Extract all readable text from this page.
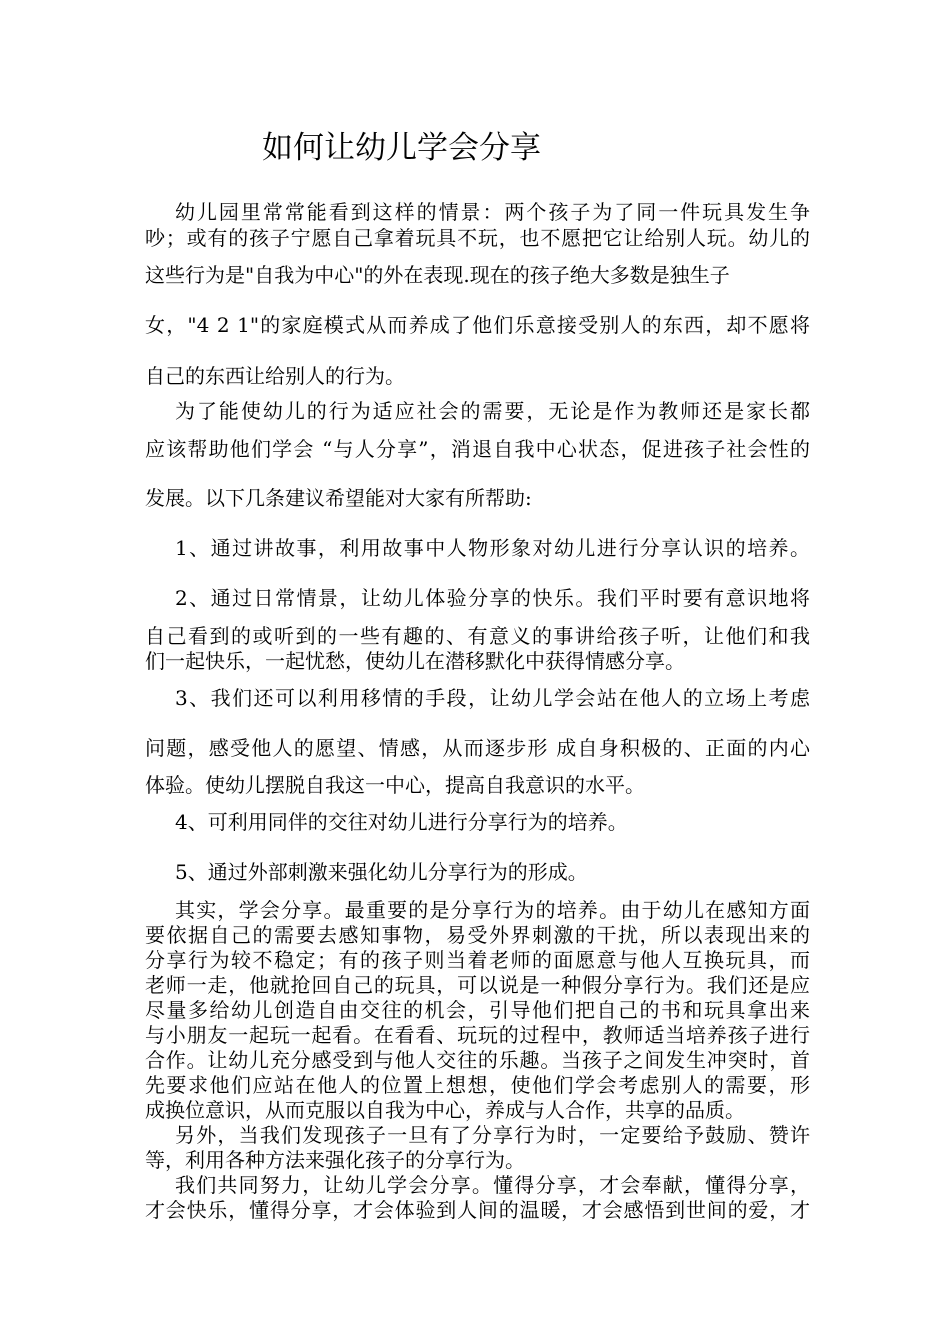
如何让幼儿学会分享
幼儿园里常常能看到这样的情景：两个孩子为了同一件玩具发生争
吵；或有的孩子宁愿自己拿着玩具不玩，也不愿把它让给别人玩。幼儿的
这些行为是"自我为中心"的外在表现.现在的孩子绝大多数是独生子
女，"4 2 1"的家庭模式从而养成了他们乐意接受别人的东西，却不愿将
自己的东西让给别人的行为。
为了能使幼儿的行为适应社会的需要，无论是作为教师还是家长都
应该帮助他们学会 “与人分享”，消退自我中心状态，促进孩子社会性的
发展。以下几条建议希望能对大家有所帮助:
1、通过讲故事，利用故事中人物形象对幼儿进行分享认识的培养。
2、通过日常情景，让幼儿体验分享的快乐。我们平时要有意识地将
自己看到的或听到的一些有趣的、有意义的事讲给孩子听，让他们和我
们一起快乐，一起忧愁，使幼儿在潜移默化中获得情感分享。
3、我们还可以利用移情的手段，让幼儿学会站在他人的立场上考虑
问题，感受他人的愿望、情感，从而逐步形 成自身积极的、正面的内心
体验。使幼儿摆脱自我这一中心，提高自我意识的水平。
4、可利用同伴的交往对幼儿进行分享行为的培养。
5、通过外部刺激来强化幼儿分享行为的形成。
其实，学会分享。最重要的是分享行为的培养。由于幼儿在感知方面
要依据自己的需要去感知事物，易受外界刺激的干扰，所以表现出来的
分享行为较不稳定；有的孩子则当着老师的面愿意与他人互换玩具，而
老师一走，他就抢回自己的玩具，可以说是一种假分享行为。我们还是应
尽量多给幼儿创造自由交往的机会，引导他们把自己的书和玩具拿出来
与小朋友一起玩一起看。在看看、玩玩的过程中，教师适当培养孩子进行
合作。让幼儿充分感受到与他人交往的乐趣。当孩子之间发生冲突时，首
先要求他们应站在他人的位置上想想，使他们学会考虑别人的需要，形
成换位意识，从而克服以自我为中心，养成与人合作，共享的品质。
另外，当我们发现孩子一旦有了分享行为时，一定要给予鼓励、赞许
等，利用各种方法来强化孩子的分享行为。
我们共同努力，让幼儿学会分享。懂得分享，才会奉献，懂得分享，
才会快乐，懂得分享，才会体验到人间的温暖，才会感悟到世间的爱，才
